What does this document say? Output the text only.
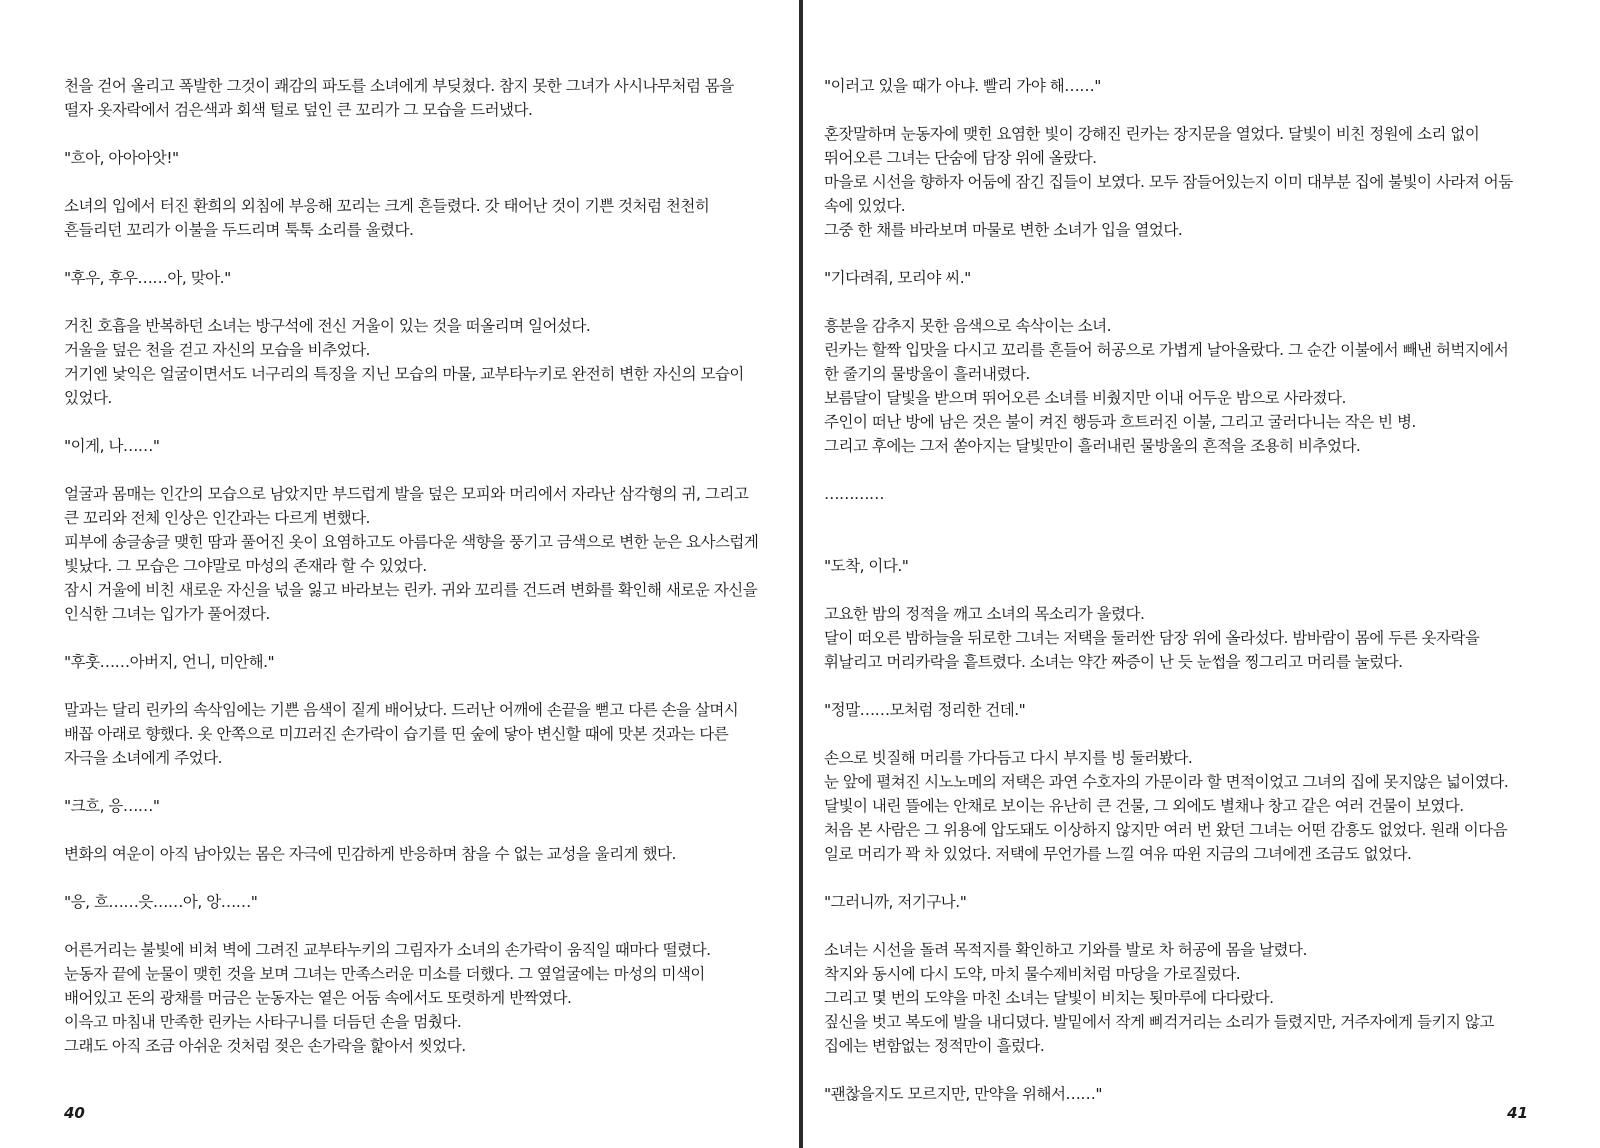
천을 걷어 올리고 폭발한 그것이 쾌감의 파도를 소녀에게 부딪쳤다. 참지 못한 그녀가 사시나무처럼 몸을
떨자 옷자락에서 검은색과 회색 털로 덮인 큰 꼬리가 그 모습을 드러냈다.

"흐아, 아아아앗!"

소녀의 입에서 터진 환희의 외침에 부응해 꼬리는 크게 흔들렸다. 갓 태어난 것이 기쁜 것처럼 천천히
흔들리던 꼬리가 이불을 두드리며 툭툭 소리를 울렸다.

"후우, 후우……아, 맞아."

거친 호흡을 반복하던 소녀는 방구석에 전신 거울이 있는 것을 떠올리며 일어섰다.
거울을 덮은 천을 걷고 자신의 모습을 비추었다.
거기엔 낯익은 얼굴이면서도 너구리의 특징을 지닌 모습의 마물, 교부타누키로 완전히 변한 자신의 모습이
있었다.

"이게, 나……"

얼굴과 몸매는 인간의 모습으로 남았지만 부드럽게 발을 덮은 모피와 머리에서 자라난 삼각형의 귀, 그리고
큰 꼬리와 전체 인상은 인간과는 다르게 변했다.
피부에 송글송글 맺힌 땀과 풀어진 옷이 요염하고도 아름다운 색향을 풍기고 금색으로 변한 눈은 요사스럽게
빛났다. 그 모습은 그야말로 마성의 존재라 할 수 있었다.
잠시 거울에 비친 새로운 자신을 넋을 잃고 바라보는 린카. 귀와 꼬리를 건드려 변화를 확인해 새로운 자신을
인식한 그녀는 입가가 풀어졌다.

"후훗……아버지, 언니, 미안해."

말과는 달리 린카의 속삭임에는 기쁜 음색이 짙게 배어났다. 드러난 어깨에 손끝을 뻗고 다른 손을 살며시
배꼽 아래로 향했다. 옷 안쪽으로 미끄러진 손가락이 습기를 띤 숲에 닿아 변신할 때에 맛본 것과는 다른
자극을 소녀에게 주었다.

"크흐, 응……"

변화의 여운이 아직 남아있는 몸은 자극에 민감하게 반응하며 참을 수 없는 교성을 울리게 했다.

"응, 흐……읏……아, 앙……"

어른거리는 불빛에 비쳐 벽에 그려진 교부타누키의 그림자가 소녀의 손가락이 움직일 때마다 떨렸다.
눈동자 끝에 눈물이 맺힌 것을 보며 그녀는 만족스러운 미소를 더했다. 그 옆얼굴에는 마성의 미색이
배어있고 돈의 광채를 머금은 눈동자는 옅은 어둠 속에서도 또렷하게 반짝였다.
이윽고 마침내 만족한 린카는 사타구니를 더듬던 손을 멈췄다.
그래도 아직 조금 아쉬운 것처럼 젖은 손가락을 핥아서 씻었다.
40
"이러고 있을 때가 아냐. 빨리 가야 해……"

혼잣말하며 눈동자에 맺힌 요염한 빛이 강해진 린카는 장지문을 열었다. 달빛이 비친 정원에 소리 없이
뛰어오른 그녀는 단숨에 담장 위에 올랐다.
마을로 시선을 향하자 어둠에 잠긴 집들이 보였다. 모두 잠들어있는지 이미 대부분 집에 불빛이 사라져 어둠
속에 있었다.
그중 한 채를 바라보며 마물로 변한 소녀가 입을 열었다.

"기다려줘, 모리야 씨."

흥분을 감추지 못한 음색으로 속삭이는 소녀.
린카는 할짝 입맛을 다시고 꼬리를 흔들어 허공으로 가볍게 날아올랐다. 그 순간 이불에서 빼낸 허벅지에서
한 줄기의 물방울이 흘러내렸다.
보름달이 달빛을 받으며 뛰어오른 소녀를 비췄지만 이내 어두운 밤으로 사라졌다.
주인이 떠난 방에 남은 것은 불이 켜진 행등과 흐트러진 이불, 그리고 굴러다니는 작은 빈 병.
그리고 후에는 그저 쏟아지는 달빛만이 흘러내린 물방울의 흔적을 조용히 비추었다.

…………

"도착, 이다."

고요한 밤의 정적을 깨고 소녀의 목소리가 울렸다.
달이 떠오른 밤하늘을 뒤로한 그녀는 저택을 둘러싼 담장 위에 올라섰다. 밤바람이 몸에 두른 옷자락을
휘날리고 머리카락을 흩트렸다. 소녀는 약간 짜증이 난 듯 눈썹을 찡그리고 머리를 눌렀다.

"정말……모처럼 정리한 건데."

손으로 빗질해 머리를 가다듬고 다시 부지를 빙 둘러봤다.
눈 앞에 펼쳐진 시노노메의 저택은 과연 수호자의 가문이라 할 면적이었고 그녀의 집에 못지않은 넓이였다.
달빛이 내린 뜰에는 안채로 보이는 유난히 큰 건물, 그 외에도 별채나 창고 같은 여러 건물이 보였다.
처음 본 사람은 그 위용에 압도돼도 이상하지 않지만 여러 번 왔던 그녀는 어떤 감흥도 없었다. 원래 이다음
일로 머리가 꽉 차 있었다. 저택에 무언가를 느낄 여유 따윈 지금의 그녀에겐 조금도 없었다.

"그러니까, 저기구나."

소녀는 시선을 돌려 목적지를 확인하고 기와를 발로 차 허공에 몸을 날렸다.
착지와 동시에 다시 도약, 마치 물수제비처럼 마당을 가로질렀다.
그리고 몇 번의 도약을 마친 소녀는 달빛이 비치는 툇마루에 다다랐다.
짚신을 벗고 복도에 발을 내디뎠다. 발밑에서 작게 삐걱거리는 소리가 들렸지만, 거주자에게 들키지 않고
집에는 변함없는 정적만이 흘렀다.

"괜찮을지도 모르지만, 만약을 위해서……"
41
